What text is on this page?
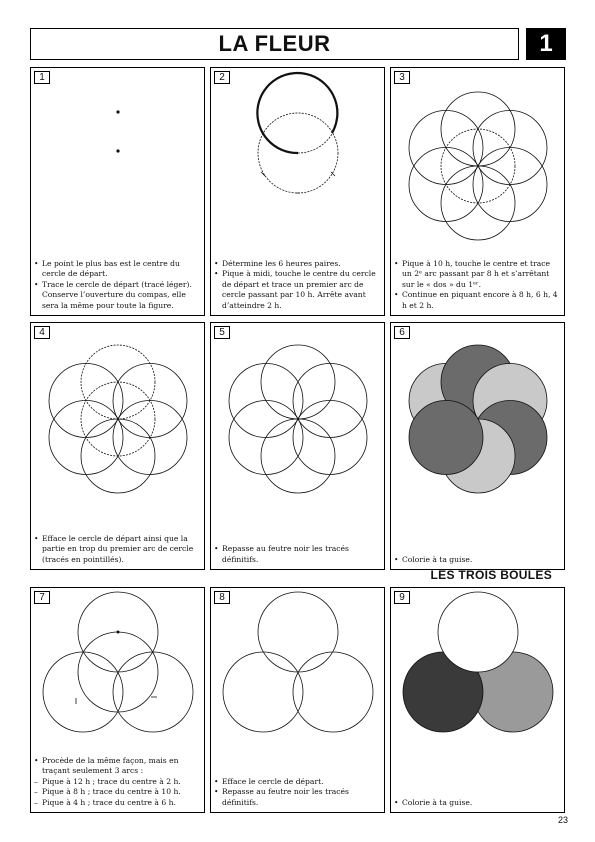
LA FLEUR	1
1
• Le point le plus bas est le centre du cercle de départ.
• Trace le cercle de départ (tracé léger). Conserve l’ouverture du compas, elle sera la même pour toute la figure.
2
• Détermine les 6 heures paires.
• Pique à midi, touche le centre du cercle de départ et trace un premier arc de cercle passant par 10 h. Arrête avant d’atteindre 2 h.
3
• Pique à 10 h, touche le centre et trace un 2ᵉ arc passant par 8 h et s’arrêtant sur le « dos » du 1ᵉʳ.
• Continue en piquant encore à 8 h, 6 h, 4 h et 2 h.
4
• Efface le cercle de départ ainsi que la partie en trop du premier arc de cercle (tracés en pointillés).
5
• Repasse au feutre noir les tracés définitifs.
6
• Colorie à ta guise.
LES TROIS BOULES
7
• Procède de la même façon, mais en traçant seulement 3 arcs :
– Pique à 12 h ; trace du centre à 2 h.
– Pique à 8 h ; trace du centre à 10 h.
– Pique à 4 h ; trace du centre à 6 h.
8
• Efface le cercle de départ.
• Repasse au feutre noir les tracés définitifs.
9
• Colorie à ta guise.
23
